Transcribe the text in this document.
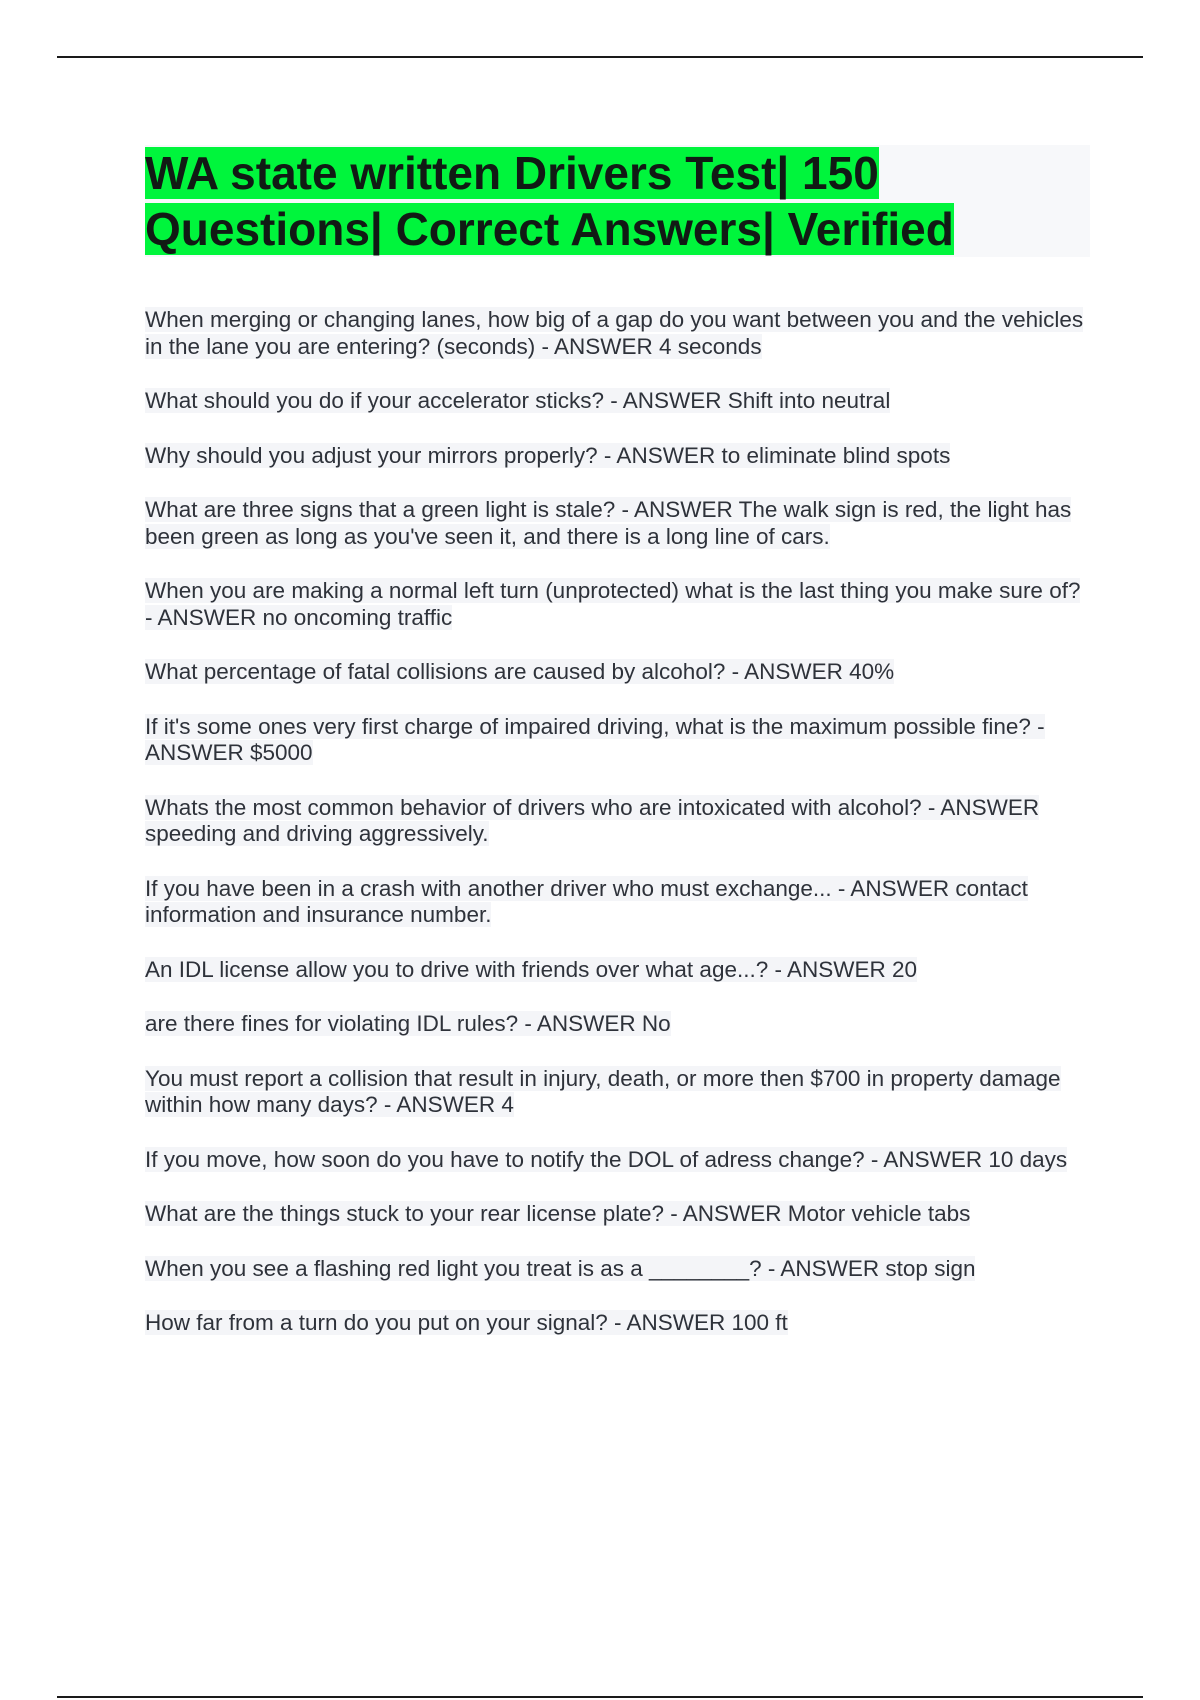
WA state written Drivers Test| 150 Questions| Correct Answers| Verified
When merging or changing lanes, how big of a gap do you want between you and the vehicles in the lane you are entering? (seconds) - ANSWER 4 seconds
What should you do if your accelerator sticks? - ANSWER Shift into neutral
Why should you adjust your mirrors properly? - ANSWER to eliminate blind spots
What are three signs that a green light is stale? - ANSWER The walk sign is red, the light has been green as long as you've seen it, and there is a long line of cars.
When you are making a normal left turn (unprotected) what is the last thing you make sure of? - ANSWER no oncoming traffic
What percentage of fatal collisions are caused by alcohol? - ANSWER 40%
If it's some ones very first charge of impaired driving, what is the maximum possible fine? - ANSWER $5000
Whats the most common behavior of drivers who are intoxicated with alcohol? - ANSWER speeding and driving aggressively.
If you have been in a crash with another driver who must exchange... - ANSWER contact information and insurance number.
An IDL license allow you to drive with friends over what age...? - ANSWER 20
are there fines for violating IDL rules? - ANSWER No
You must report a collision that result in injury, death, or more then $700 in property damage within how many days? - ANSWER 4
If you move, how soon do you have to notify the DOL of adress change? - ANSWER 10 days
What are the things stuck to your rear license plate? - ANSWER Motor vehicle tabs
When you see a flashing red light you treat is as a ________? - ANSWER stop sign
How far from a turn do you put on your signal? - ANSWER 100 ft
